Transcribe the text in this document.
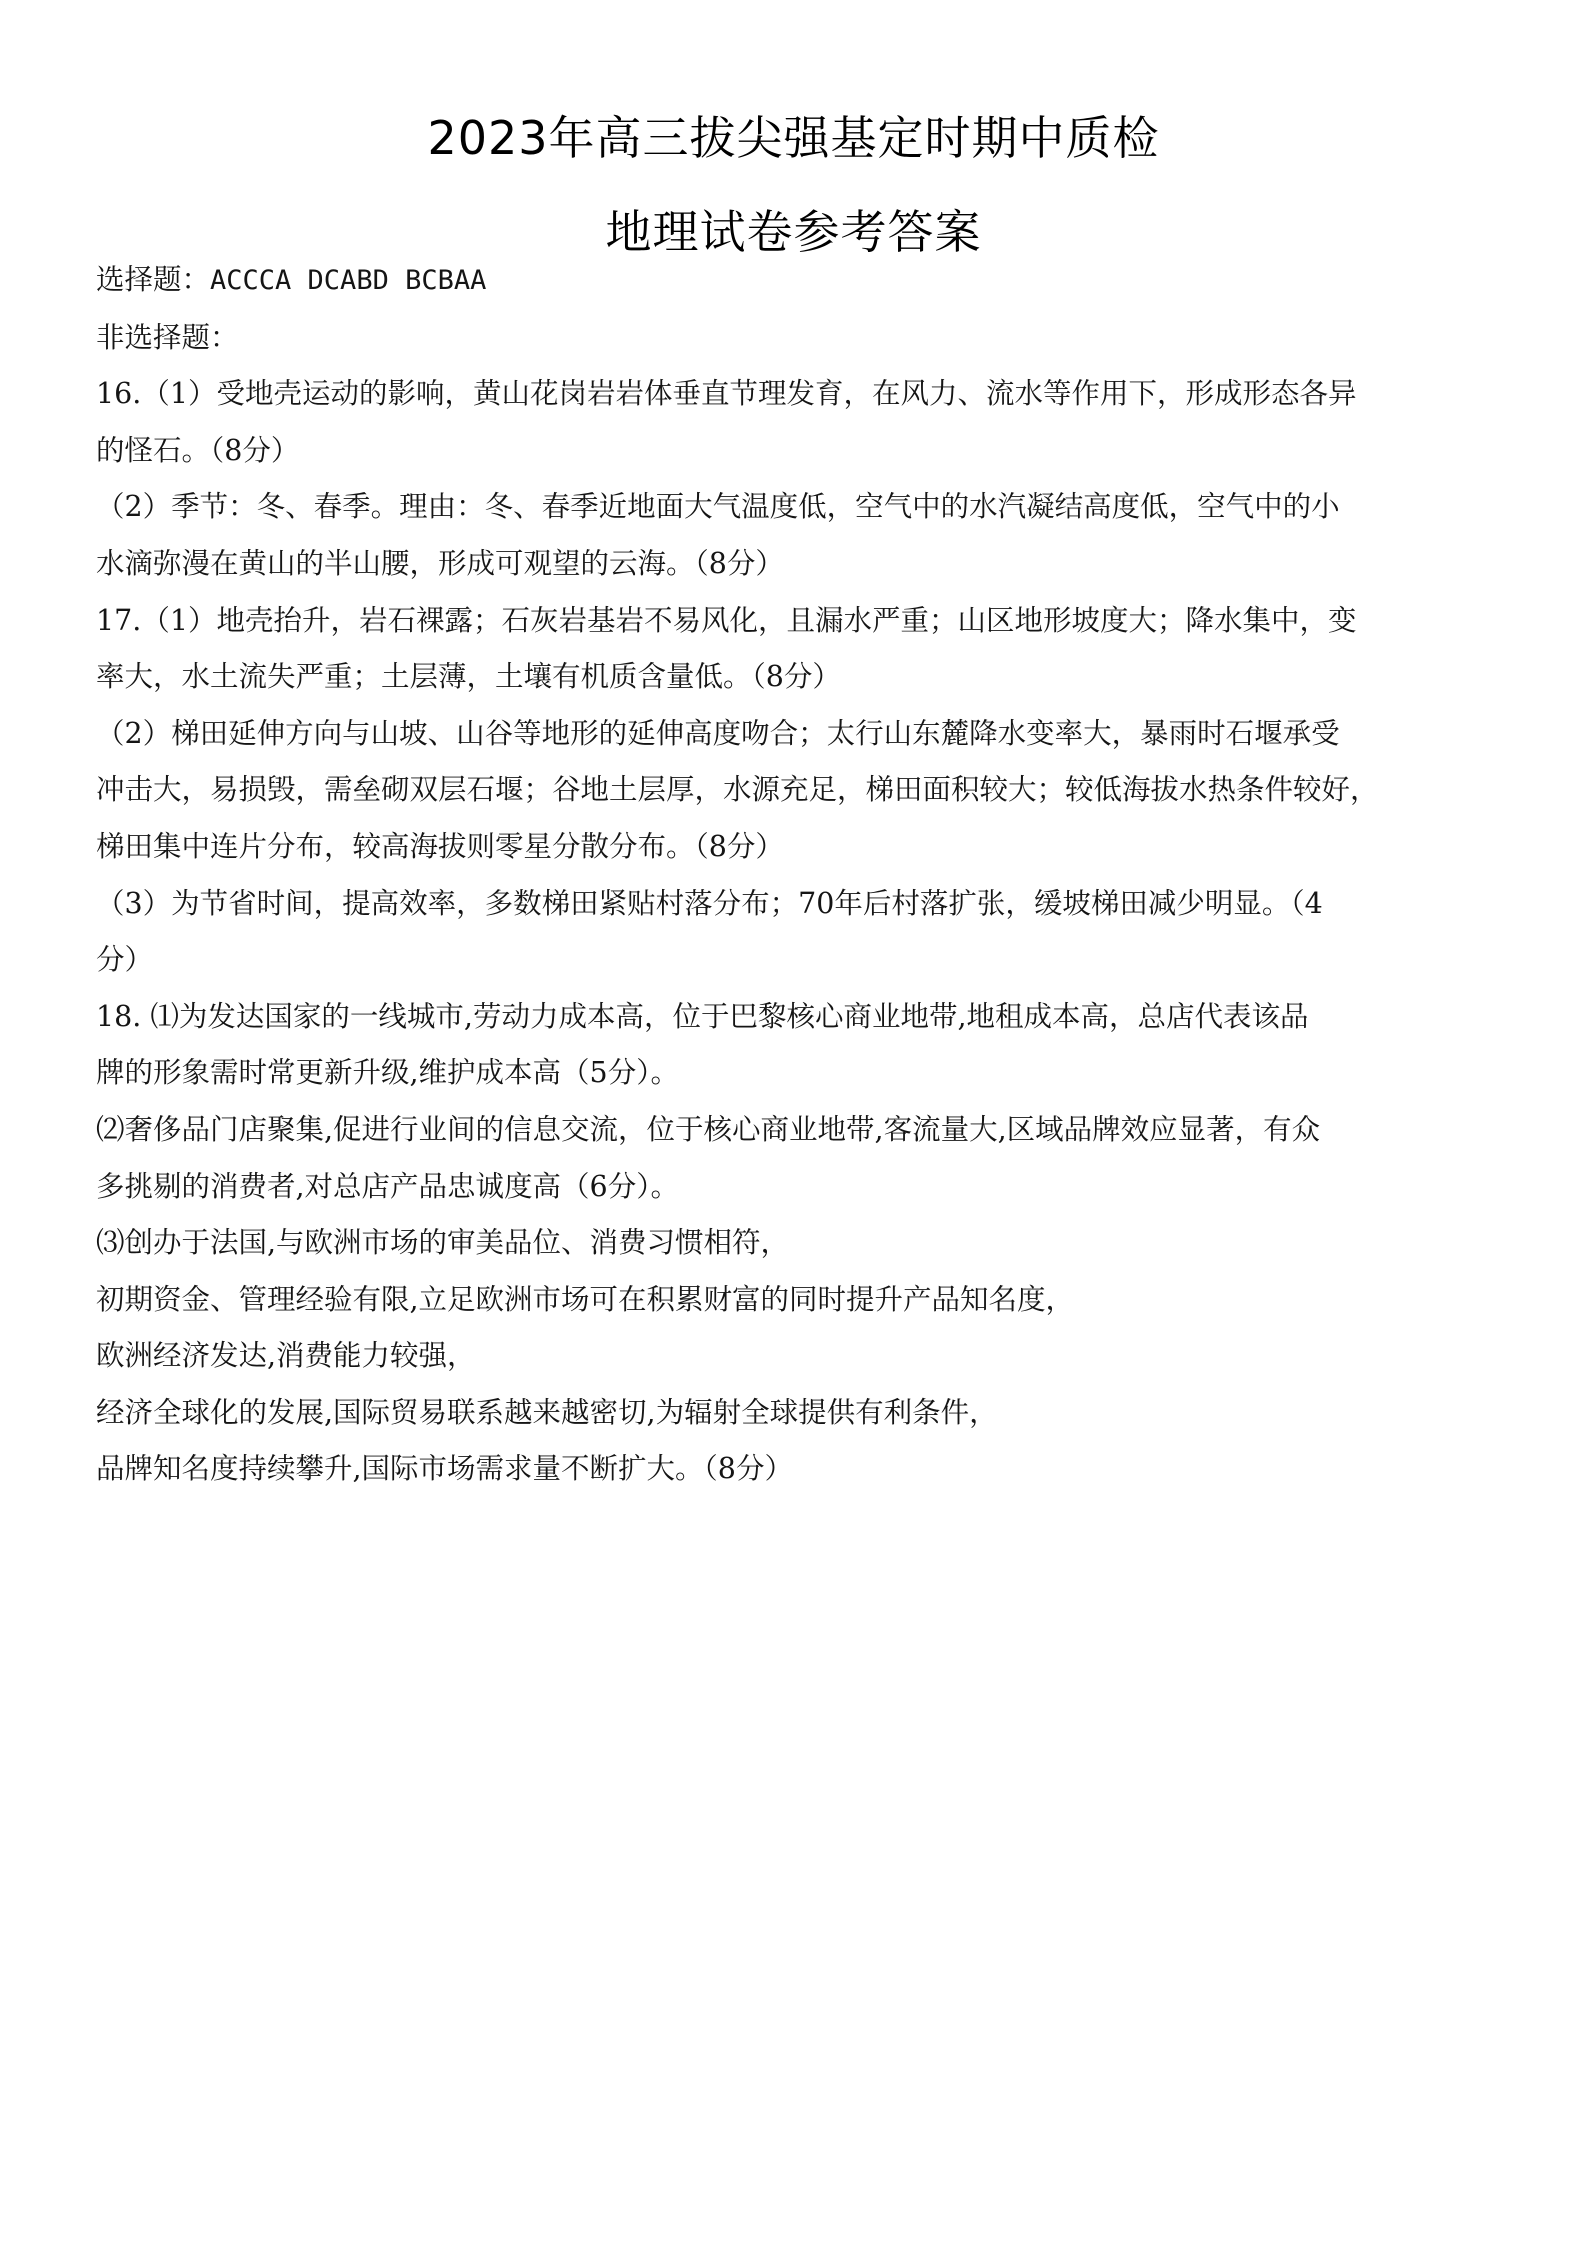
2023年高三拔尖强基定时期中质检
地理试卷参考答案

选择题：ACCCA DCABD BCBAA

非选择题：

16.（1）受地壳运动的影响，黄山花岗岩岩体垂直节理发育，在风力、流水等作用下，形成形态各异

的怪石。（8分）

（2）季节：冬、春季。理由：冬、春季近地面大气温度低，空气中的水汽凝结高度低，空气中的小

水滴弥漫在黄山的半山腰，形成可观望的云海。（8分）

17.（1）地壳抬升，岩石裸露；石灰岩基岩不易风化，且漏水严重；山区地形坡度大；降水集中，变

率大，水土流失严重；土层薄，土壤有机质含量低。（8分）

（2）梯田延伸方向与山坡、山谷等地形的延伸高度吻合；太行山东麓降水变率大，暴雨时石堰承受

冲击大，易损毁，需垒砌双层石堰；谷地土层厚，水源充足，梯田面积较大；较低海拔水热条件较好，

梯田集中连片分布，较高海拔则零星分散分布。（8分）

（3）为节省时间，提高效率，多数梯田紧贴村落分布；70年后村落扩张，缓坡梯田减少明显。（4

分）

18. ⑴为发达国家的一线城市,劳动力成本高，位于巴黎核心商业地带,地租成本高，总店代表该品

牌的形象需时常更新升级,维护成本高（5分）。

⑵奢侈品门店聚集,促进行业间的信息交流，位于核心商业地带,客流量大,区域品牌效应显著，有众

多挑剔的消费者,对总店产品忠诚度高（6分）。

⑶创办于法国,与欧洲市场的审美品位、消费习惯相符，

初期资金、管理经验有限,立足欧洲市场可在积累财富的同时提升产品知名度，

欧洲经济发达,消费能力较强，

经济全球化的发展,国际贸易联系越来越密切,为辐射全球提供有利条件，

品牌知名度持续攀升,国际市场需求量不断扩大。（8分）
